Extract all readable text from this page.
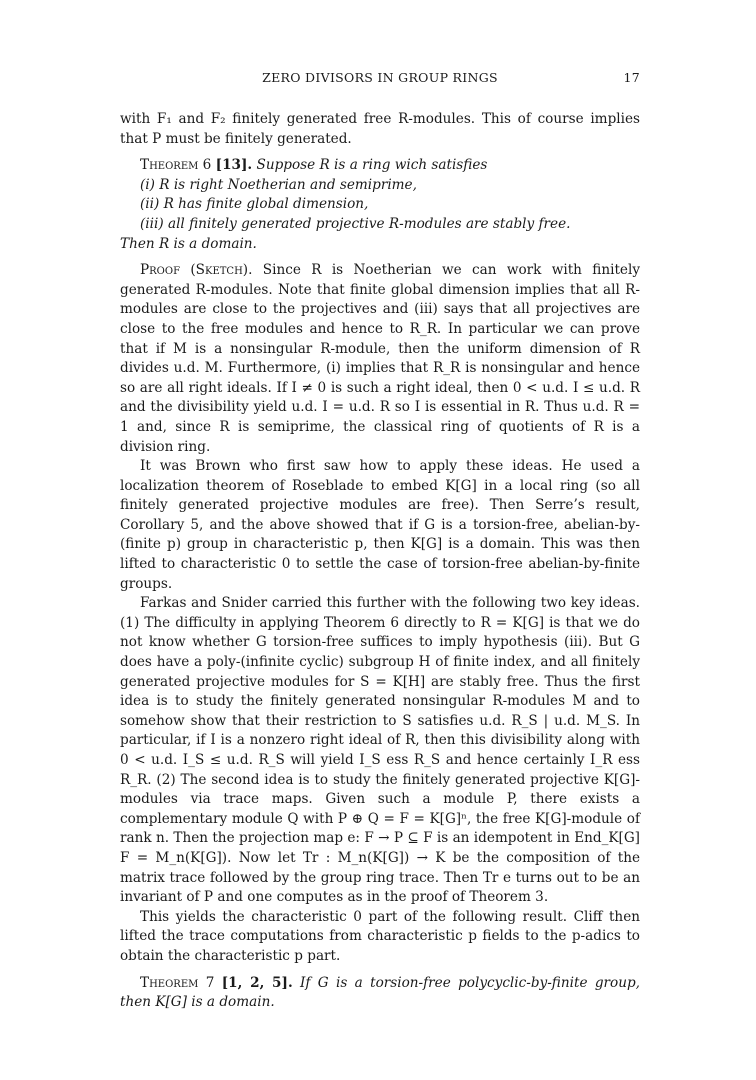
ZERO DIVISORS IN GROUP RINGS	17

with F₁ and F₂ finitely generated free R-modules. This of course implies that P must be finitely generated.

Theorem 6 [13]. Suppose R is a ring wich satisfies

(i) R is right Noetherian and semiprime,

(ii) R has finite global dimension,

(iii) all finitely generated projective R-modules are stably free.

Then R is a domain.

Proof (Sketch). Since R is Noetherian we can work with finitely generated R-modules. Note that finite global dimension implies that all R-modules are close to the projectives and (iii) says that all projectives are close to the free modules and hence to R_R. In particular we can prove that if M is a nonsingular R-module, then the uniform dimension of R divides u.d. M. Furthermore, (i) implies that R_R is nonsingular and hence so are all right ideals. If I ≠ 0 is such a right ideal, then 0 < u.d. I ≤ u.d. R and the divisibility yield u.d. I = u.d. R so I is essential in R. Thus u.d. R = 1 and, since R is semiprime, the classical ring of quotients of R is a division ring.

It was Brown who first saw how to apply these ideas. He used a localization theorem of Roseblade to embed K[G] in a local ring (so all finitely generated projective modules are free). Then Serre’s result, Corollary 5, and the above showed that if G is a torsion-free, abelian-by-(finite p) group in characteristic p, then K[G] is a domain. This was then lifted to characteristic 0 to settle the case of torsion-free abelian-by-finite groups.

Farkas and Snider carried this further with the following two key ideas. (1) The difficulty in applying Theorem 6 directly to R = K[G] is that we do not know whether G torsion-free suffices to imply hypothesis (iii). But G does have a poly-(infinite cyclic) subgroup H of finite index, and all finitely generated projective modules for S = K[H] are stably free. Thus the first idea is to study the finitely generated nonsingular R-modules M and to somehow show that their restriction to S satisfies u.d. R_S | u.d. M_S. In particular, if I is a nonzero right ideal of R, then this divisibility along with 0 < u.d. I_S ≤ u.d. R_S will yield I_S ess R_S and hence certainly I_R ess R_R. (2) The second idea is to study the finitely generated projective K[G]-modules via trace maps. Given such a module P, there exists a complementary module Q with P ⊕ Q = F = K[G]ⁿ, the free K[G]-module of rank n. Then the projection map e: F → P ⊆ F is an idempotent in End_K[G] F = M_n(K[G]). Now let Tr : M_n(K[G]) → K be the composition of the matrix trace followed by the group ring trace. Then Tr e turns out to be an invariant of P and one computes as in the proof of Theorem 3.

This yields the characteristic 0 part of the following result. Cliff then lifted the trace computations from characteristic p fields to the p-adics to obtain the characteristic p part.

Theorem 7 [1, 2, 5]. If G is a torsion-free polycyclic-by-finite group, then K[G] is a domain.
